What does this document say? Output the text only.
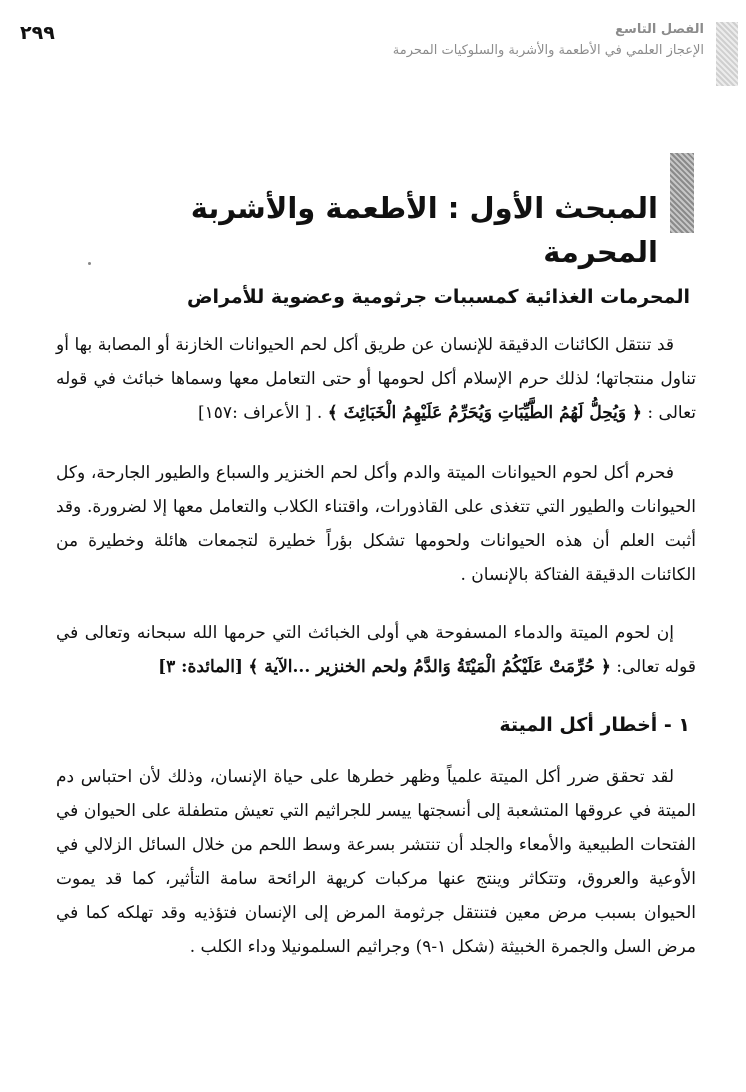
٢٩٩	الفصل التاسع
الإعجاز العلمي في الأطعمة والأشربة والسلوكيات المحرمة
المبحث الأول : الأطعمة والأشربة المحرمة
المحرمات الغذائية كمسببات جرثومية وعضوية للأمراض
قد تنتقل الكائنات الدقيقة للإنسان عن طريق أكل لحم الحيوانات الخازنة أو المصابة بها أو تناول منتجاتها؛ لذلك حرم الإسلام أكل لحومها أو حتى التعامل معها وسماها خبائث في قوله تعالى : ﴿ وَيُحِلُّ لَهُمُ الطَّيِّبَاتِ وَيُحَرِّمُ عَلَيْهِمُ الْخَبَائِثَ ﴾ . [ الأعراف :١٥٧]
فحرم أكل لحوم الحيوانات الميتة والدم وأكل لحم الخنزير والسباع والطيور الجارحة، وكل الحيوانات والطيور التي تتغذى على القاذورات، واقتناء الكلاب والتعامل معها إلا لضرورة. وقد أثبت العلم أن هذه الحيوانات ولحومها تشكل بؤراً خطيرة لتجمعات هائلة وخطيرة من الكائنات الدقيقة الفتاكة بالإنسان .
إن لحوم الميتة والدماء المسفوحة هي أولى الخبائث التي حرمها الله سبحانه وتعالى في قوله تعالى: ﴿ حُرِّمَتْ عَلَيْكُمُ الْمَيْتَةُ وَالدَّمُ ولحم الخنزير ...الآية ﴾ [المائدة: ٣]
١ - أخطار أكل الميتة
لقد تحقق ضرر أكل الميتة علمياً وظهر خطرها على حياة الإنسان، وذلك لأن احتباس دم الميتة في عروقها المتشعبة إلى أنسجتها ييسر للجراثيم التي تعيش متطفلة على الحيوان في الفتحات الطبيعية والأمعاء والجلد أن تنتشر بسرعة وسط اللحم من خلال السائل الزلالي في الأوعية والعروق، وتتكاثر وينتج عنها مركبات كريهة الرائحة سامة التأثير، كما قد يموت الحيوان بسبب مرض معين فتنتقل جرثومة المرض إلى الإنسان فتؤذيه وقد تهلكه كما في مرض السل والجمرة الخبيثة (شكل ١-٩) وجراثيم السلمونيلا وداء الكلب .
